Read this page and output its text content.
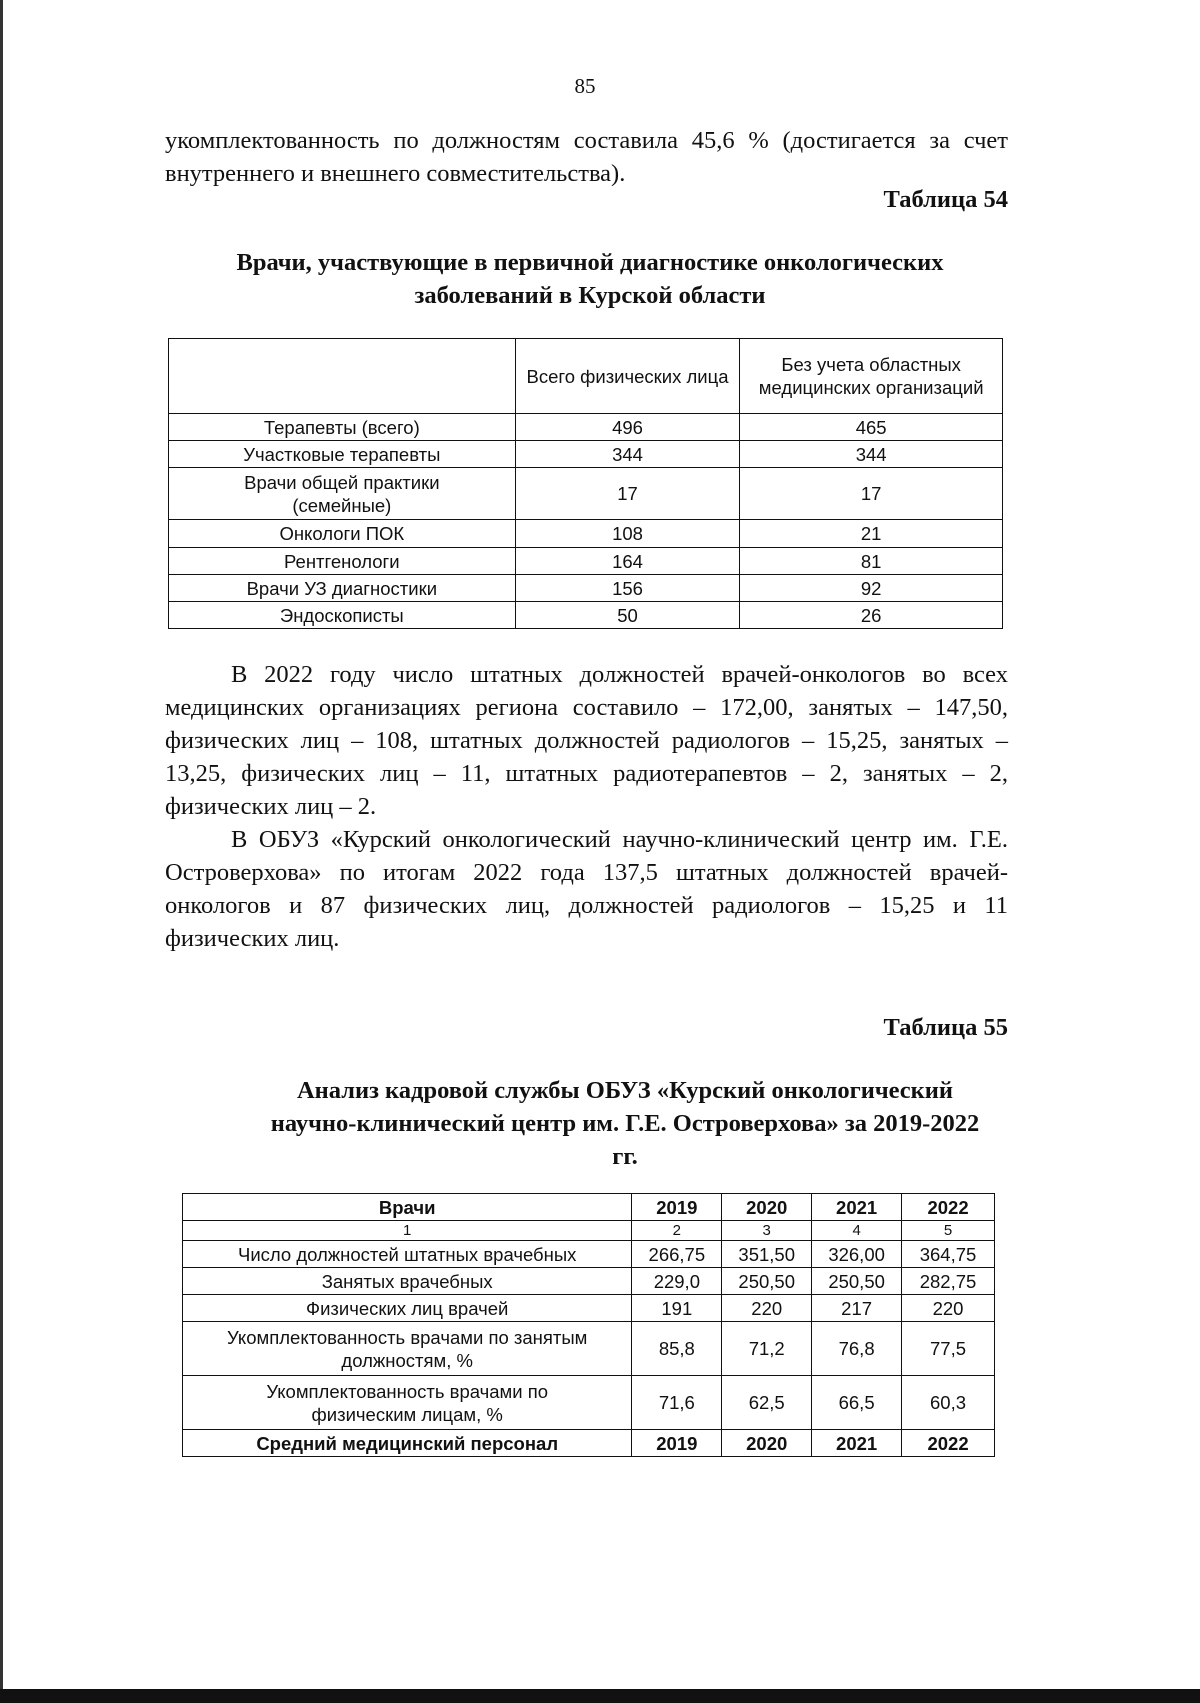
85
укомплектованность по должностям составила 45,6 % (достигается за счет внутреннего и внешнего совместительства).
Таблица 54
Врачи, участвующие в первичной диагностике онкологических заболеваний в Курской области
	Всего физических лица	Без учета областных медицинских организаций
Терапевты (всего)	496	465
Участковые терапевты	344	344
Врачи общей практики (семейные)	17	17
Онкологи ПОК	108	21
Рентгенологи	164	81
Врачи УЗ диагностики	156	92
Эндоскописты	50	26
В 2022 году число штатных должностей врачей-онкологов во всех медицинских организациях региона составило – 172,00, занятых – 147,50, физических лиц – 108, штатных должностей радиологов – 15,25, занятых – 13,25, физических лиц – 11, штатных радиотерапевтов – 2, занятых – 2, физических лиц – 2.
В ОБУЗ «Курский онкологический научно-клинический центр им. Г.Е. Островерхова» по итогам 2022 года 137,5 штатных должностей врачей-онкологов и 87 физических лиц, должностей радиологов – 15,25 и 11 физических лиц.
Таблица 55
Анализ кадровой службы ОБУЗ «Курский онкологический научно-клинический центр им. Г.Е. Островерхова» за 2019-2022 гг.
Врачи	2019	2020	2021	2022
1	2	3	4	5
Число должностей штатных врачебных	266,75	351,50	326,00	364,75
Занятых врачебных	229,0	250,50	250,50	282,75
Физических лиц врачей	191	220	217	220
Укомплектованность врачами по занятым должностям, %	85,8	71,2	76,8	77,5
Укомплектованность врачами по физическим лицам, %	71,6	62,5	66,5	60,3
Средний медицинский персонал	2019	2020	2021	2022
